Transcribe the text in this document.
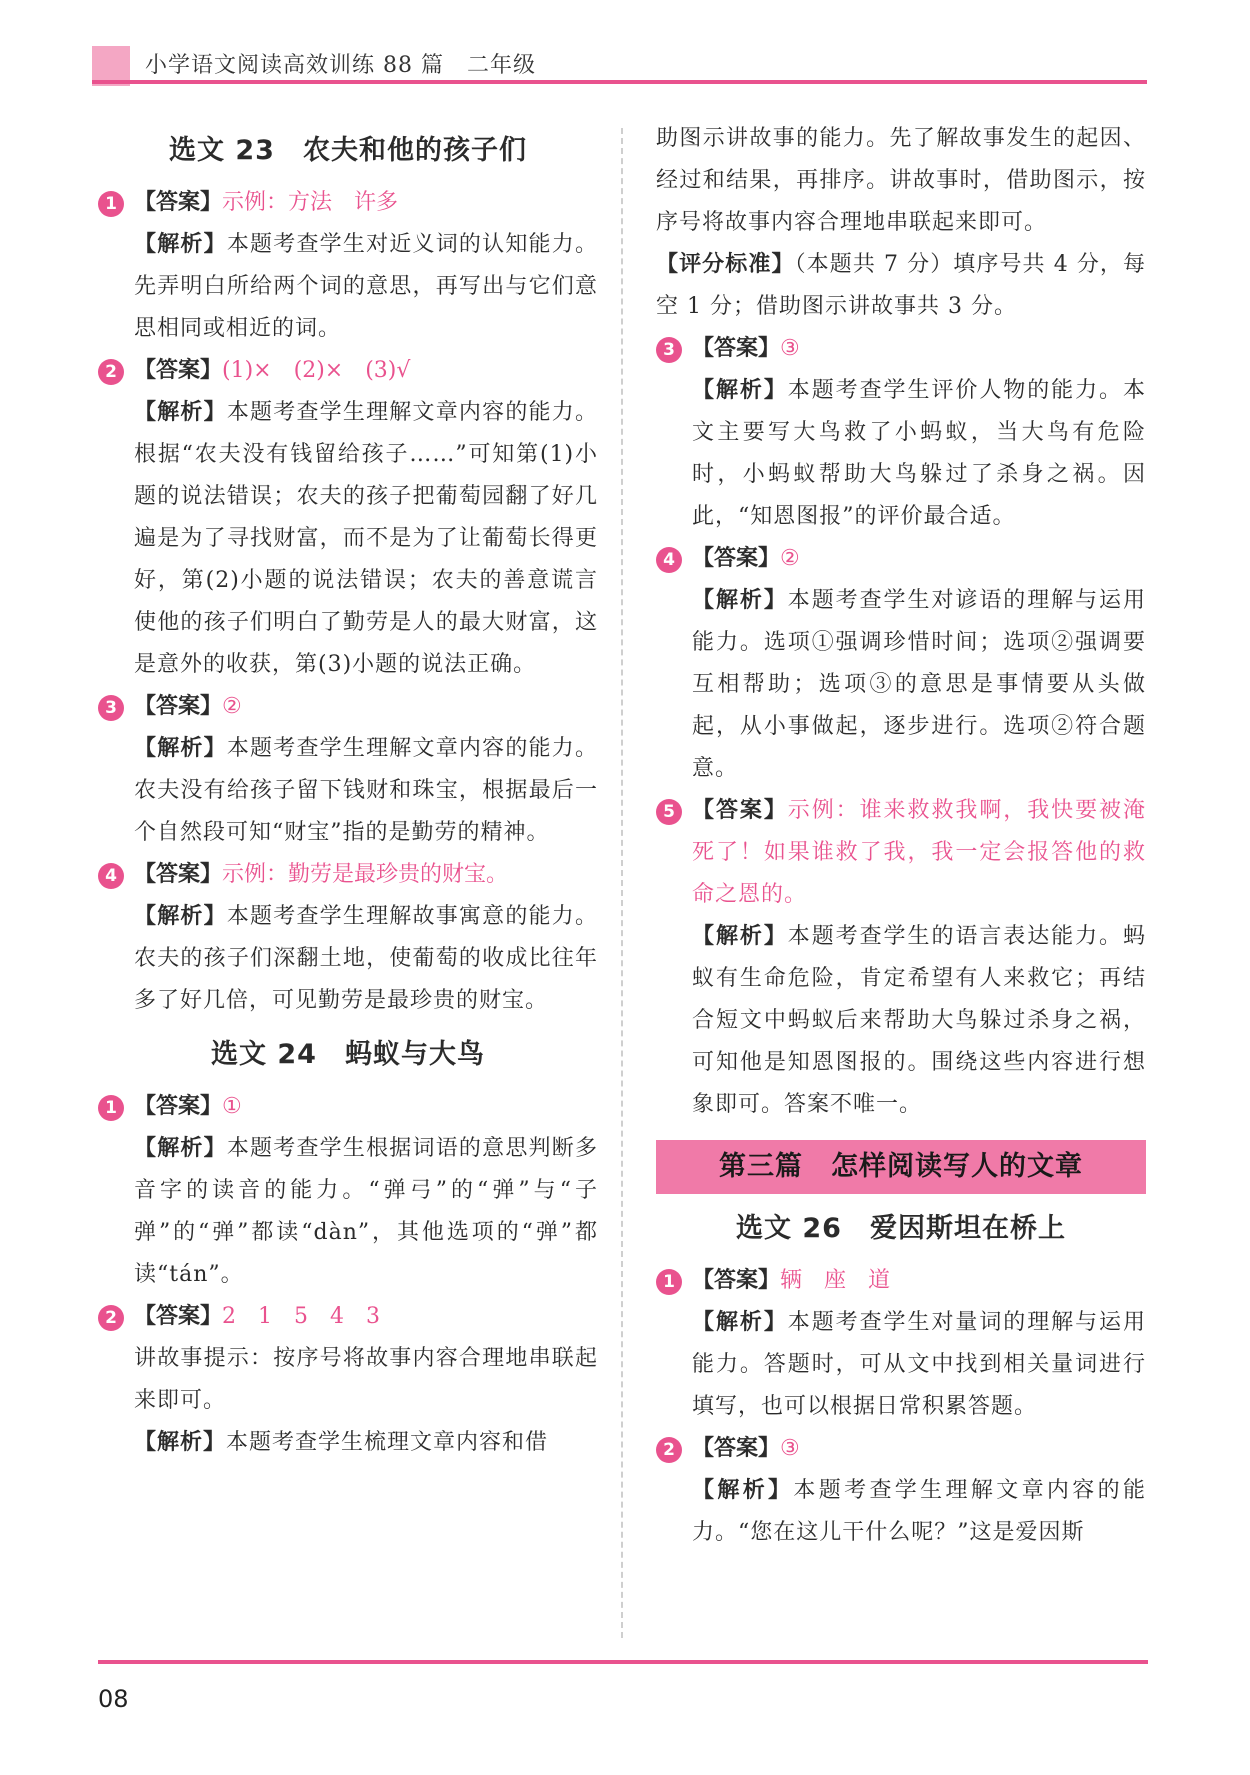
小学语文阅读高效训练 88 篇　二年级
选文 23　农夫和他的孩子们
1 【答案】示例：方法　许多
【解析】本题考查学生对近义词的认知能力。先弄明白所给两个词的意思，再写出与它们意思相同或相近的词。
2 【答案】(1)×　(2)×　(3)√
【解析】本题考查学生理解文章内容的能力。根据“农夫没有钱留给孩子……”可知第(1)小题的说法错误；农夫的孩子把葡萄园翻了好几遍是为了寻找财富，而不是为了让葡萄长得更好，第(2)小题的说法错误；农夫的善意谎言使他的孩子们明白了勤劳是人的最大财富，这是意外的收获，第(3)小题的说法正确。
3 【答案】②
【解析】本题考查学生理解文章内容的能力。农夫没有给孩子留下钱财和珠宝，根据最后一个自然段可知“财宝”指的是勤劳的精神。
4 【答案】示例：勤劳是最珍贵的财宝。
【解析】本题考查学生理解故事寓意的能力。农夫的孩子们深翻土地，使葡萄的收成比往年多了好几倍，可见勤劳是最珍贵的财宝。
选文 24　蚂蚁与大鸟
1 【答案】①
【解析】本题考查学生根据词语的意思判断多音字的读音的能力。“弹弓”的“弹”与“子弹”的“弹”都读“dàn”，其他选项的“弹”都读“tán”。
2 【答案】2　1　5　4　3
讲故事提示：按序号将故事内容合理地串联起来即可。
【解析】本题考查学生梳理文章内容和借
助图示讲故事的能力。先了解故事发生的起因、经过和结果，再排序。讲故事时，借助图示，按序号将故事内容合理地串联起来即可。
【评分标准】（本题共 7 分）填序号共 4 分，每空 1 分；借助图示讲故事共 3 分。
3 【答案】③
【解析】本题考查学生评价人物的能力。本文主要写大鸟救了小蚂蚁，当大鸟有危险时，小蚂蚁帮助大鸟躲过了杀身之祸。因此，“知恩图报”的评价最合适。
4 【答案】②
【解析】本题考查学生对谚语的理解与运用能力。选项①强调珍惜时间；选项②强调要互相帮助；选项③的意思是事情要从头做起，从小事做起，逐步进行。选项②符合题意。
5 【答案】示例：谁来救救我啊，我快要被淹死了！如果谁救了我，我一定会报答他的救命之恩的。
【解析】本题考查学生的语言表达能力。蚂蚁有生命危险，肯定希望有人来救它；再结合短文中蚂蚁后来帮助大鸟躲过杀身之祸，可知他是知恩图报的。围绕这些内容进行想象即可。答案不唯一。
第三篇　怎样阅读写人的文章
选文 26　爱因斯坦在桥上
1 【答案】辆　座　道
【解析】本题考查学生对量词的理解与运用能力。答题时，可从文中找到相关量词进行填写，也可以根据日常积累答题。
2 【答案】③
【解析】本题考查学生理解文章内容的能力。“您在这儿干什么呢？”这是爱因斯
08
